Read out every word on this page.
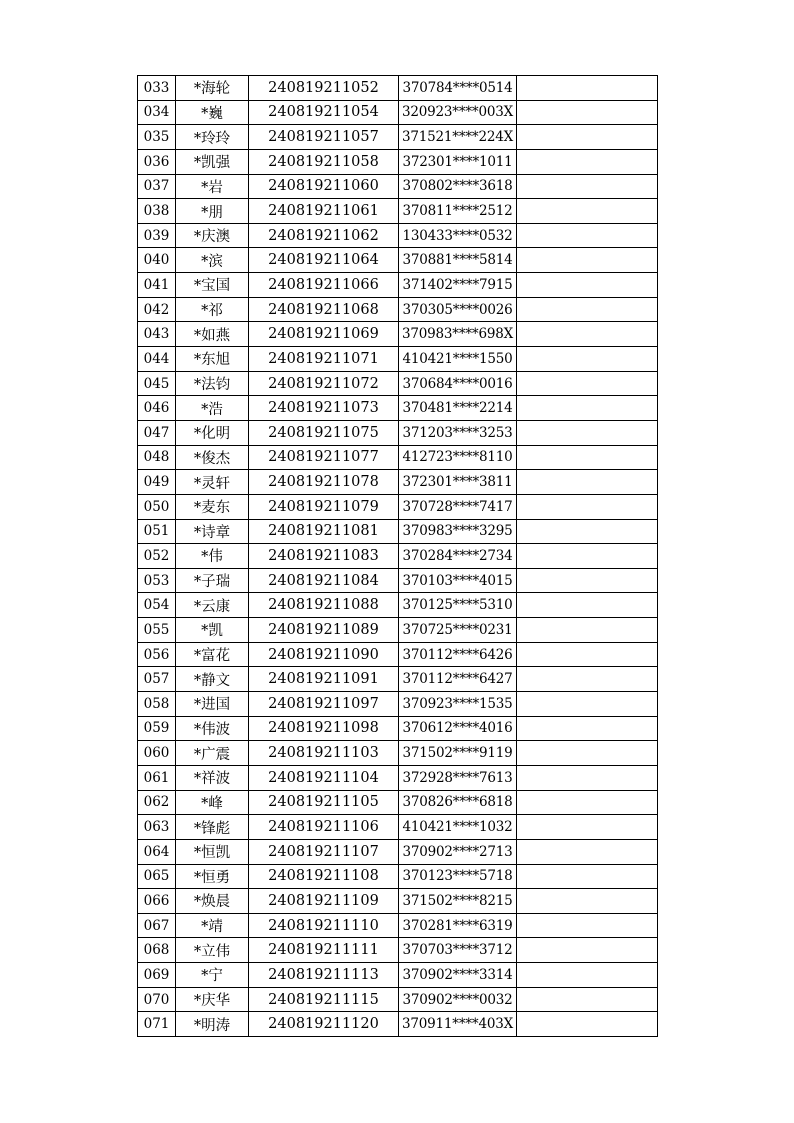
033	*海轮	240819211052	370784****0514	
034	*巍	240819211054	320923****003X	
035	*玲玲	240819211057	371521****224X	
036	*凯强	240819211058	372301****1011	
037	*岩	240819211060	370802****3618	
038	*朋	240819211061	370811****2512	
039	*庆澳	240819211062	130433****0532	
040	*滨	240819211064	370881****5814	
041	*宝国	240819211066	371402****7915	
042	*祁	240819211068	370305****0026	
043	*如燕	240819211069	370983****698X	
044	*东旭	240819211071	410421****1550	
045	*法钧	240819211072	370684****0016	
046	*浩	240819211073	370481****2214	
047	*化明	240819211075	371203****3253	
048	*俊杰	240819211077	412723****8110	
049	*灵轩	240819211078	372301****3811	
050	*麦东	240819211079	370728****7417	
051	*诗章	240819211081	370983****3295	
052	*伟	240819211083	370284****2734	
053	*子瑞	240819211084	370103****4015	
054	*云康	240819211088	370125****5310	
055	*凯	240819211089	370725****0231	
056	*富花	240819211090	370112****6426	
057	*静文	240819211091	370112****6427	
058	*进国	240819211097	370923****1535	
059	*伟波	240819211098	370612****4016	
060	*广震	240819211103	371502****9119	
061	*祥波	240819211104	372928****7613	
062	*峰	240819211105	370826****6818	
063	*锋彪	240819211106	410421****1032	
064	*恒凯	240819211107	370902****2713	
065	*恒勇	240819211108	370123****5718	
066	*焕晨	240819211109	371502****8215	
067	*靖	240819211110	370281****6319	
068	*立伟	240819211111	370703****3712	
069	*宁	240819211113	370902****3314	
070	*庆华	240819211115	370902****0032	
071	*明涛	240819211120	370911****403X	
